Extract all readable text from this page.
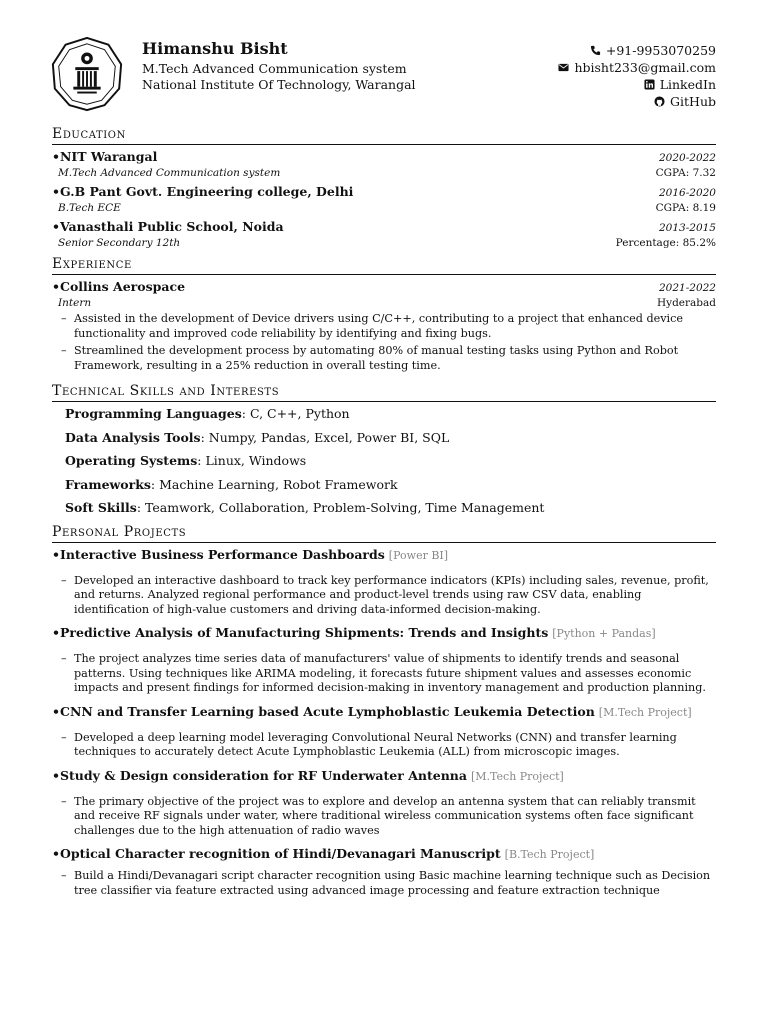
Himanshu Bisht
M.Tech Advanced Communication system
National Institute Of Technology, Warangal
+91-9953070259
hbisht233@gmail.com
LinkedIn
GitHub
Education
•NIT Warangal	2020-2022
M.Tech Advanced Communication system	CGPA: 7.32
•G.B Pant Govt. Engineering college, Delhi	2016-2020
B.Tech ECE	CGPA: 8.19
•Vanasthali Public School, Noida	2013-2015
Senior Secondary 12th	Percentage: 85.2%
Experience
•Collins Aerospace	2021-2022
Intern	Hyderabad
– Assisted in the development of Device drivers using C/C++, contributing to a project that enhanced device functionality and improved code reliability by identifying and fixing bugs.
– Streamlined the development process by automating 80% of manual testing tasks using Python and Robot Framework, resulting in a 25% reduction in overall testing time.
Technical Skills and Interests
Programming Languages: C, C++, Python
Data Analysis Tools: Numpy, Pandas, Excel, Power BI, SQL
Operating Systems: Linux, Windows
Frameworks: Machine Learning, Robot Framework
Soft Skills: Teamwork, Collaboration, Problem-Solving, Time Management
Personal Projects
•Interactive Business Performance Dashboards [Power BI]
– Developed an interactive dashboard to track key performance indicators (KPIs) including sales, revenue, profit, and returns. Analyzed regional performance and product-level trends using raw CSV data, enabling identification of high-value customers and driving data-informed decision-making.
•Predictive Analysis of Manufacturing Shipments: Trends and Insights [Python + Pandas]
– The project analyzes time series data of manufacturers' value of shipments to identify trends and seasonal patterns. Using techniques like ARIMA modeling, it forecasts future shipment values and assesses economic impacts and present findings for informed decision-making in inventory management and production planning.
•CNN and Transfer Learning based Acute Lymphoblastic Leukemia Detection [M.Tech Project]
– Developed a deep learning model leveraging Convolutional Neural Networks (CNN) and transfer learning techniques to accurately detect Acute Lymphoblastic Leukemia (ALL) from microscopic images.
•Study & Design consideration for RF Underwater Antenna [M.Tech Project]
– The primary objective of the project was to explore and develop an antenna system that can reliably transmit and receive RF signals under water, where traditional wireless communication systems often face significant challenges due to the high attenuation of radio waves
•Optical Character recognition of Hindi/Devanagari Manuscript [B.Tech Project]
– Build a Hindi/Devanagari script character recognition using Basic machine learning technique such as Decision tree classifier via feature extracted using advanced image processing and feature extraction technique
